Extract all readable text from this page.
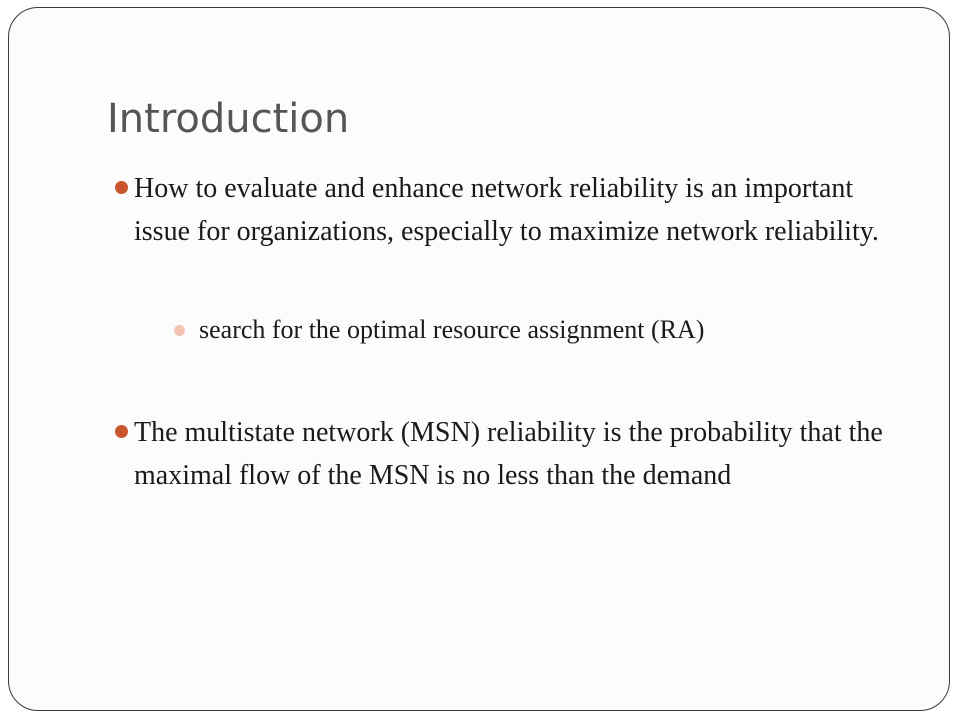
Introduction
How to evaluate and enhance network reliability is an important issue for organizations, especially to maximize network reliability.
search for the optimal resource assignment (RA)
The multistate network (MSN) reliability is the probability that the maximal flow of the MSN is no less than the demand
